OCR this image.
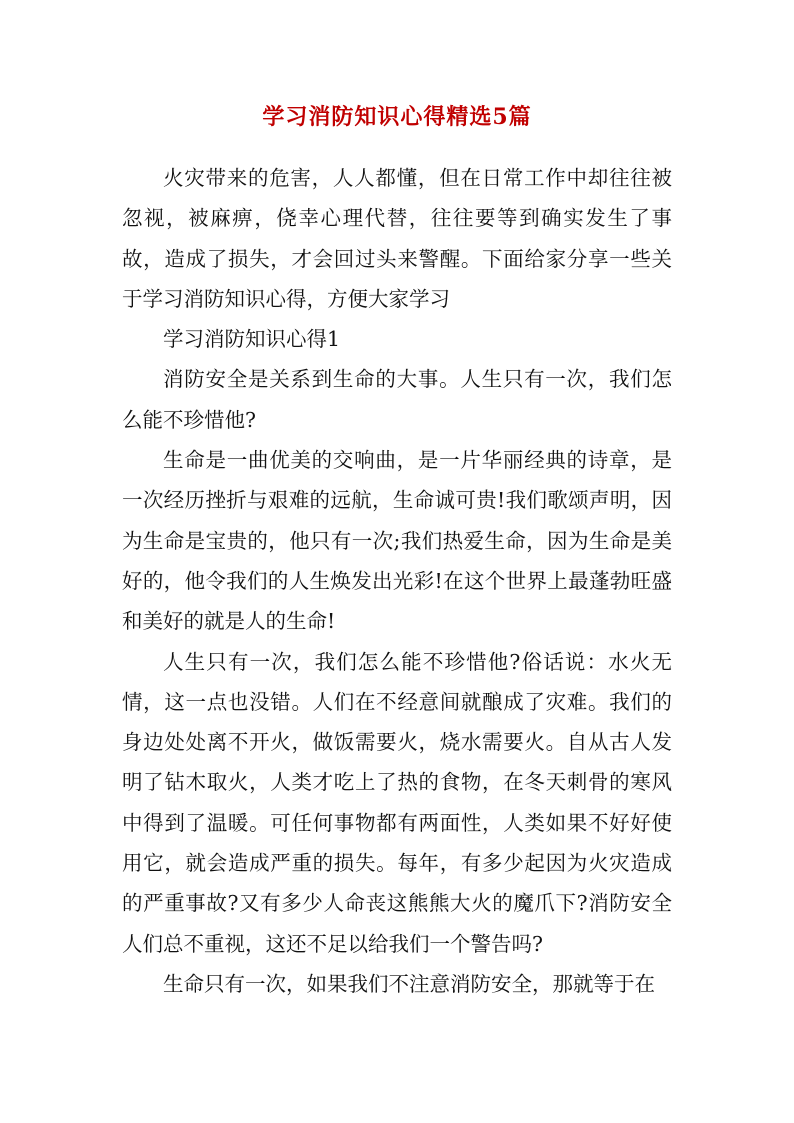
学习消防知识心得精选5篇

火灾带来的危害，人人都懂，但在日常工作中却往往被忽视，被麻痹，侥幸心理代替，往往要等到确实发生了事故，造成了损失，才会回过头来警醒。下面给家分享一些关于学习消防知识心得，方便大家学习

学习消防知识心得1

消防安全是关系到生命的大事。人生只有一次，我们怎么能不珍惜他?

生命是一曲优美的交响曲，是一片华丽经典的诗章，是一次经历挫折与艰难的远航，生命诚可贵!我们歌颂声明，因为生命是宝贵的，他只有一次;我们热爱生命，因为生命是美好的，他令我们的人生焕发出光彩!在这个世界上最蓬勃旺盛和美好的就是人的生命!

人生只有一次，我们怎么能不珍惜他?俗话说：水火无情，这一点也没错。人们在不经意间就酿成了灾难。我们的身边处处离不开火，做饭需要火，烧水需要火。自从古人发明了钻木取火，人类才吃上了热的食物，在冬天刺骨的寒风中得到了温暖。可任何事物都有两面性，人类如果不好好使用它，就会造成严重的损失。每年，有多少起因为火灾造成的严重事故?又有多少人命丧这熊熊大火的魔爪下?消防安全人们总不重视，这还不足以给我们一个警告吗?

生命只有一次，如果我们不注意消防安全，那就等于在
